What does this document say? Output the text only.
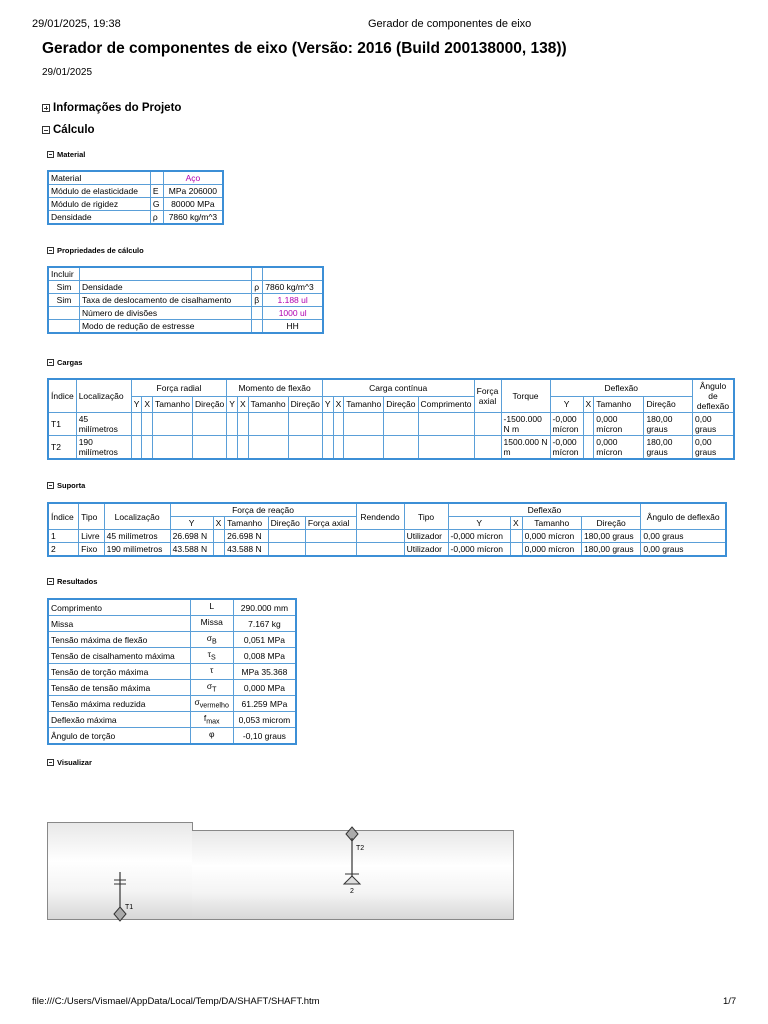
29/01/2025, 19:38	Gerador de componentes de eixo
Gerador de componentes de eixo (Versão: 2016 (Build 200138000, 138))
29/01/2025
Informações do Projeto
Cálculo
Material
Material		Aço
Módulo de elasticidade	E	MPa 206000
Módulo de rigidez	G	80000 MPa
Densidade	ρ	7860 kg/m^3
Propriedades de cálculo
Incluir			
Sim	Densidade	ρ	7860 kg/m^3
Sim	Taxa de deslocamento de cisalhamento	β	1.188 ul
	Número de divisões		1000 ul
	Modo de redução de estresse		HH
Cargas
Índice	Localização	Força radial				Momento de flexão				Carga contínua					Força axial	Torque	Deflexão				Ângulo de deflexão
		Y	X	Tamanho	Direção	Y	X	Tamanho	Direção	Y	X	Tamanho	Direção	Comprimento			Y	X	Tamanho	Direção	
T1	45 milímetros															-1500.000 N m	-0,000 mícron		0,000 mícron	180,00 graus	0,00 graus
T2	190 milímetros															1500.000 N m	-0,000 mícron		0,000 mícron	180,00 graus	0,00 graus
Suporta
Índice	Tipo	Localização	Força de reação					Rendendo	Tipo	Deflexão				Ângulo de deflexão
			Y	X	Tamanho	Direção	Força axial			Y	X	Tamanho	Direção	
1	Livre	45 milímetros	26.698 N		26.698 N				Utilizador	-0,000 mícron		0,000 mícron	180,00 graus	0,00 graus
2	Fixo	190 milímetros	43.588 N		43.588 N				Utilizador	-0,000 mícron		0,000 mícron	180,00 graus	0,00 graus
Resultados
Comprimento	L	290.000 mm
Missa	Missa	7.167 kg
Tensão máxima de flexão	$\sigma_B$	0,051 MPa
Tensão de cisalhamento máxima	$\tau_S$	0,008 MPa
Tensão de torção máxima	τ	MPa 35.368
Tensão de tensão máxima	$\sigma_T$	0,000 MPa
Tensão máxima reduzida	$\sigma_{vermelho}$	61.259 MPa
Deflexão máxima	$f_{max}$	0,053 microm
Ângulo de torção	φ	-0,10 graus
Visualizar
T1
T2
2
file:///C:/Users/Vismael/AppData/Local/Temp/DA/SHAFT/SHAFT.htm	1/7
